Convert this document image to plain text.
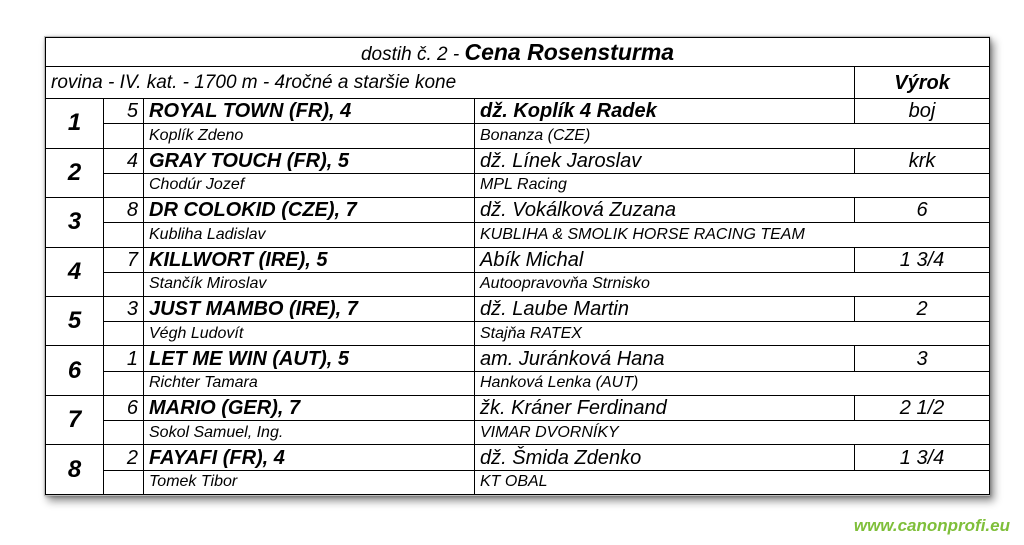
dostih č. 2 - Cena Rosensturma				
rovina - IV. kat. - 1700 m - 4ročné a staršie kone				Výrok
1	5	ROYAL TOWN (FR), 4	dž. Koplík 4 Radek	boj
		Koplík Zdeno	Bonanza (CZE)	
2	4	GRAY TOUCH (FR), 5	dž. Línek Jaroslav	krk
		Chodúr Jozef	MPL Racing	
3	8	DR COLOKID (CZE), 7	dž. Vokálková Zuzana	6
		Kubliha Ladislav	KUBLIHA & SMOLIK HORSE RACING TEAM	
4	7	KILLWORT (IRE), 5	Abík Michal	1 3/4
		Stančík Miroslav	Autoopravovňa Strnisko	
5	3	JUST MAMBO (IRE), 7	dž. Laube Martin	2
		Végh Ludovít	Stajňa RATEX	
6	1	LET ME WIN (AUT), 5	am. Juránková Hana	3
		Richter Tamara	Hanková Lenka (AUT)	
7	6	MARIO (GER), 7	žk. Kráner Ferdinand	2 1/2
		Sokol Samuel, Ing.	VIMAR DVORNÍKY	
8	2	FAYAFI (FR), 4	dž. Šmida Zdenko	1 3/4
		Tomek Tibor	KT OBAL	
www.canonprofi.eu
